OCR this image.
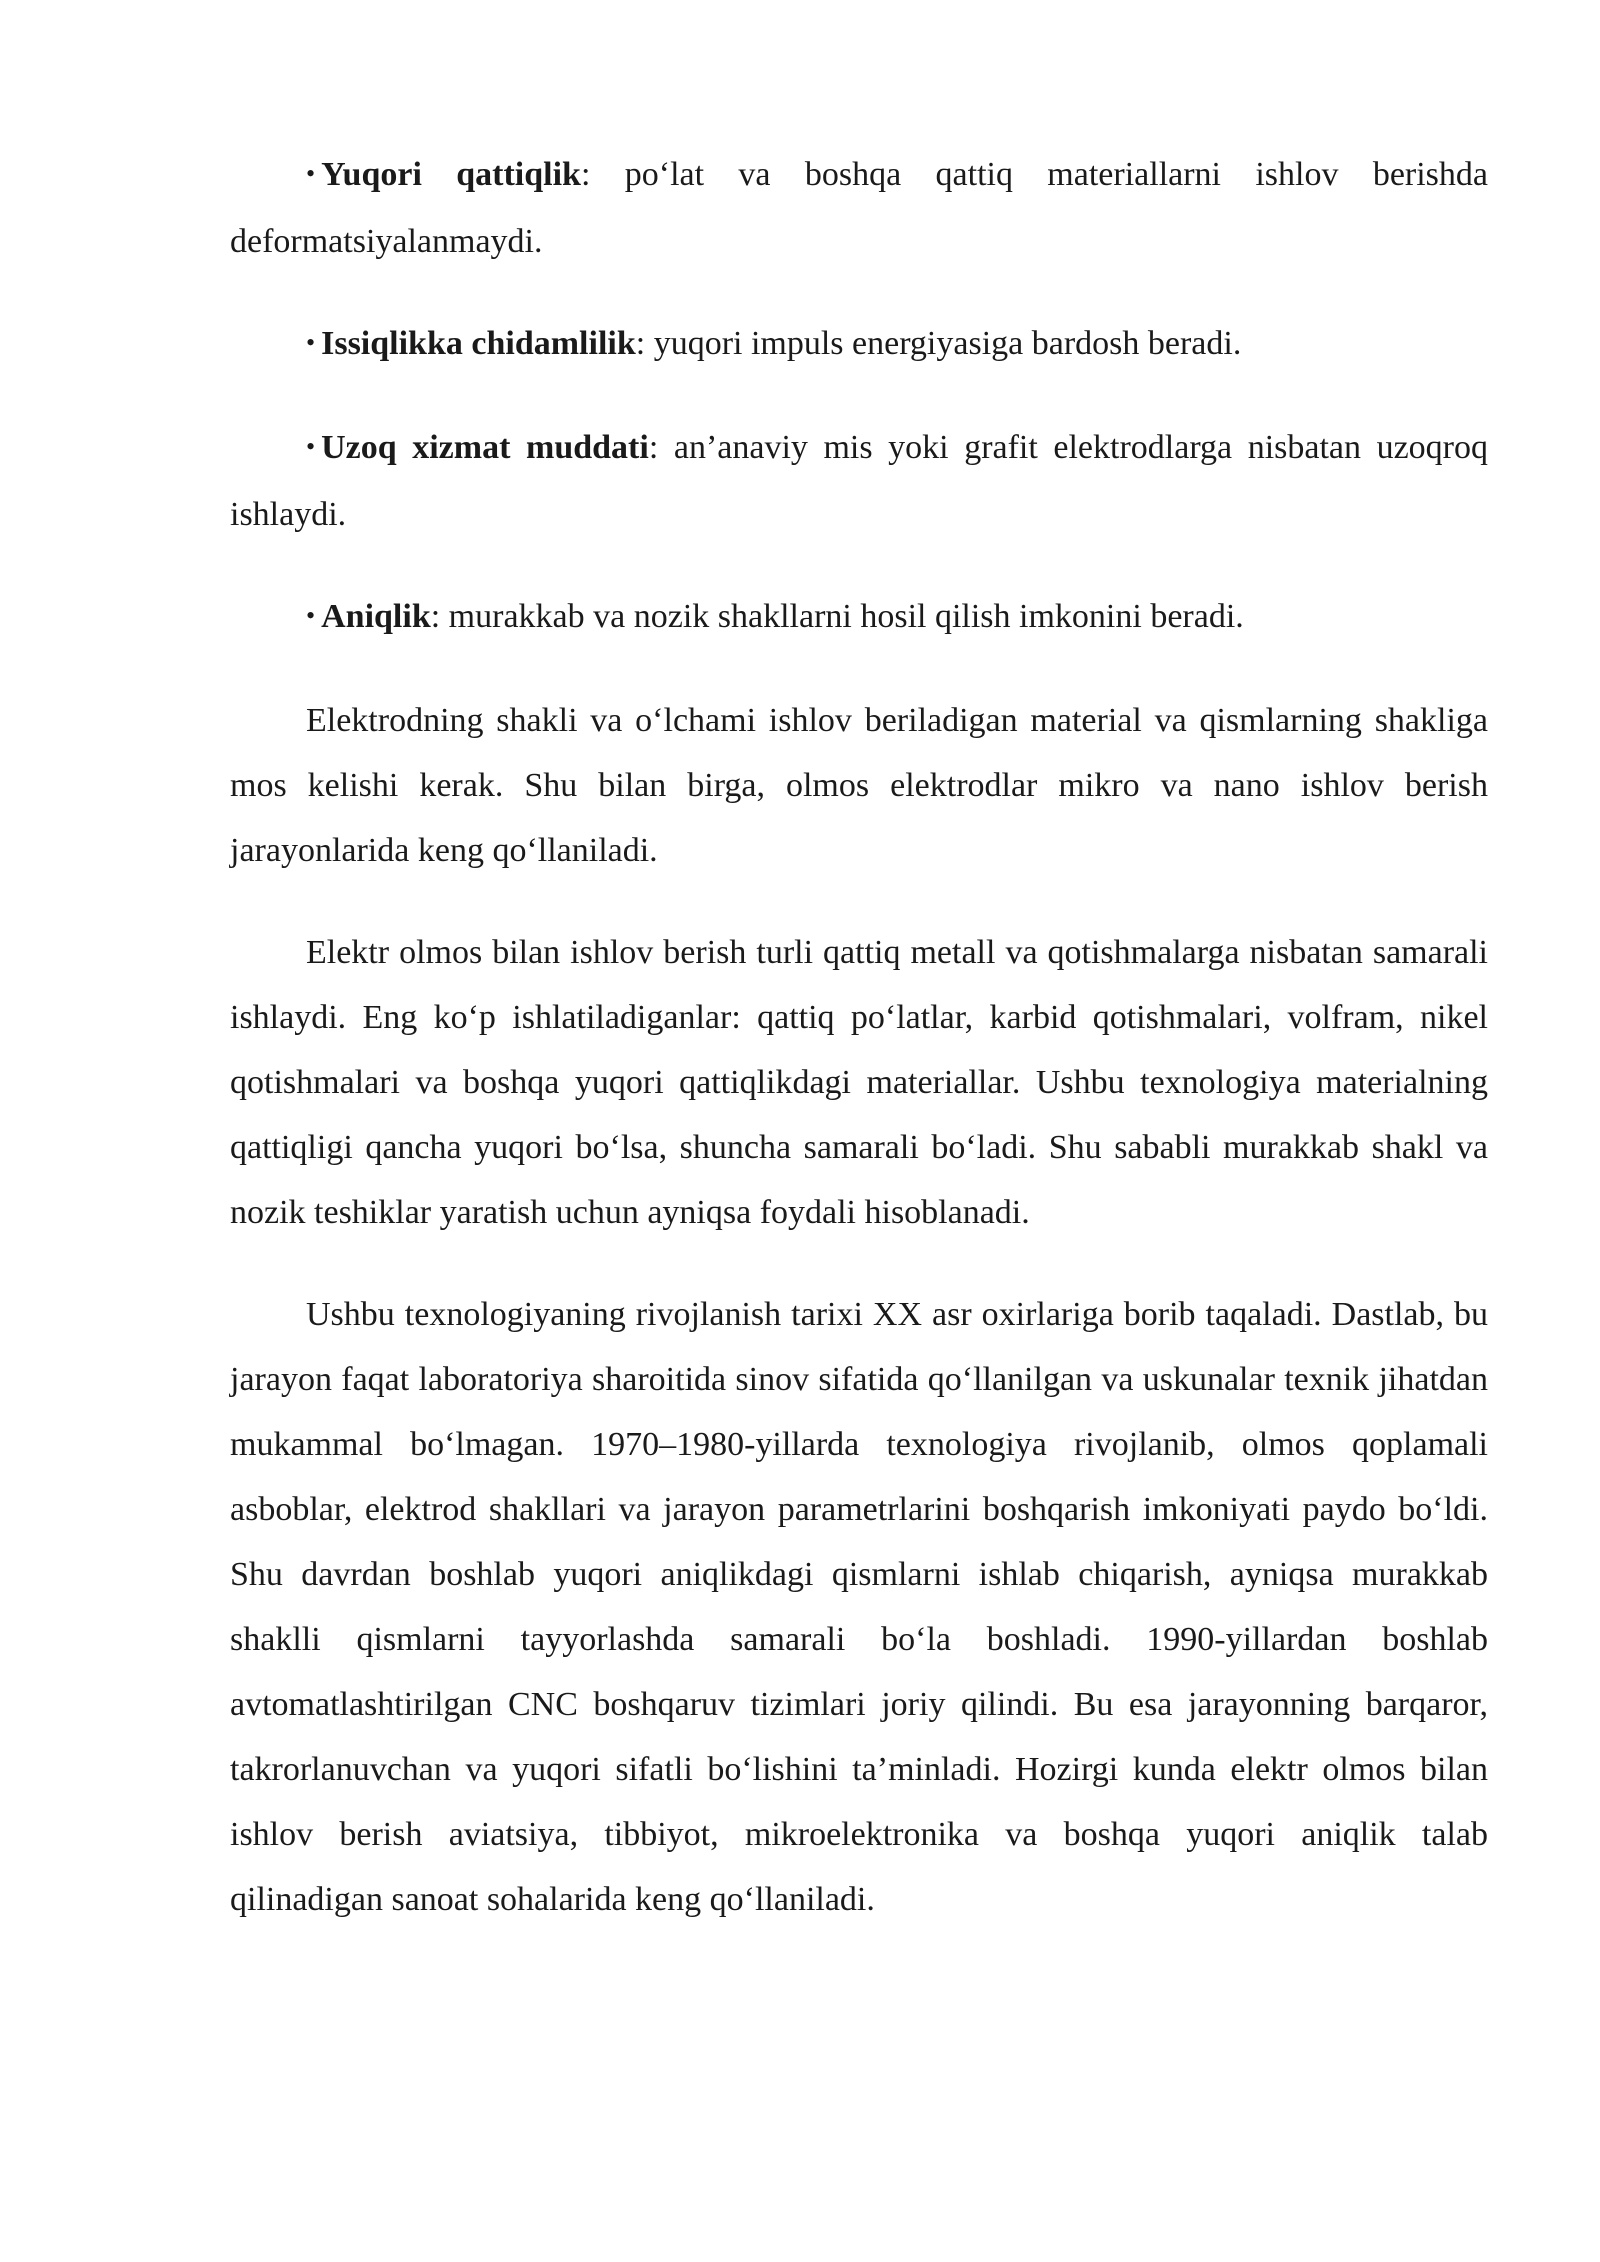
• Yuqori qattiqlik: po‘lat va boshqa qattiq materiallarni ishlov berishda deformatsiyalanmaydi.

• Issiqlikka chidamlilik: yuqori impuls energiyasiga bardosh beradi.

• Uzoq xizmat muddati: an’anaviy mis yoki grafit elektrodlarga nisbatan uzoqroq ishlaydi.

• Aniqlik: murakkab va nozik shakllarni hosil qilish imkonini beradi.

Elektrodning shakli va o‘lchami ishlov beriladigan material va qismlarning shakliga mos kelishi kerak. Shu bilan birga, olmos elektrodlar mikro va nano ishlov berish jarayonlarida keng qo‘llaniladi.

Elektr olmos bilan ishlov berish turli qattiq metall va qotishmalarga nisbatan samarali ishlaydi. Eng ko‘p ishlatiladiganlar: qattiq po‘latlar, karbid qotishmalari, volfram, nikel qotishmalari va boshqa yuqori qattiqlikdagi materiallar. Ushbu texnologiya materialning qattiqligi qancha yuqori bo‘lsa, shuncha samarali bo‘ladi. Shu sababli murakkab shakl va nozik teshiklar yaratish uchun ayniqsa foydali hisoblanadi.

Ushbu texnologiyaning rivojlanish tarixi XX asr oxirlariga borib taqaladi. Dastlab, bu jarayon faqat laboratoriya sharoitida sinov sifatida qo‘llanilgan va uskunalar texnik jihatdan mukammal bo‘lmagan. 1970–1980-yillarda texnologiya rivojlanib, olmos qoplamali asboblar, elektrod shakllari va jarayon parametrlarini boshqarish imkoniyati paydo bo‘ldi. Shu davrdan boshlab yuqori aniqlikdagi qismlarni ishlab chiqarish, ayniqsa murakkab shaklli qismlarni tayyorlashda samarali bo‘la boshladi. 1990-yillardan boshlab avtomatlashtirilgan CNC boshqaruv tizimlari joriy qilindi. Bu esa jarayonning barqaror, takrorlanuvchan va yuqori sifatli bo‘lishini ta’minladi. Hozirgi kunda elektr olmos bilan ishlov berish aviatsiya, tibbiyot, mikroelektronika va boshqa yuqori aniqlik talab qilinadigan sanoat sohalarida keng qo‘llaniladi.
